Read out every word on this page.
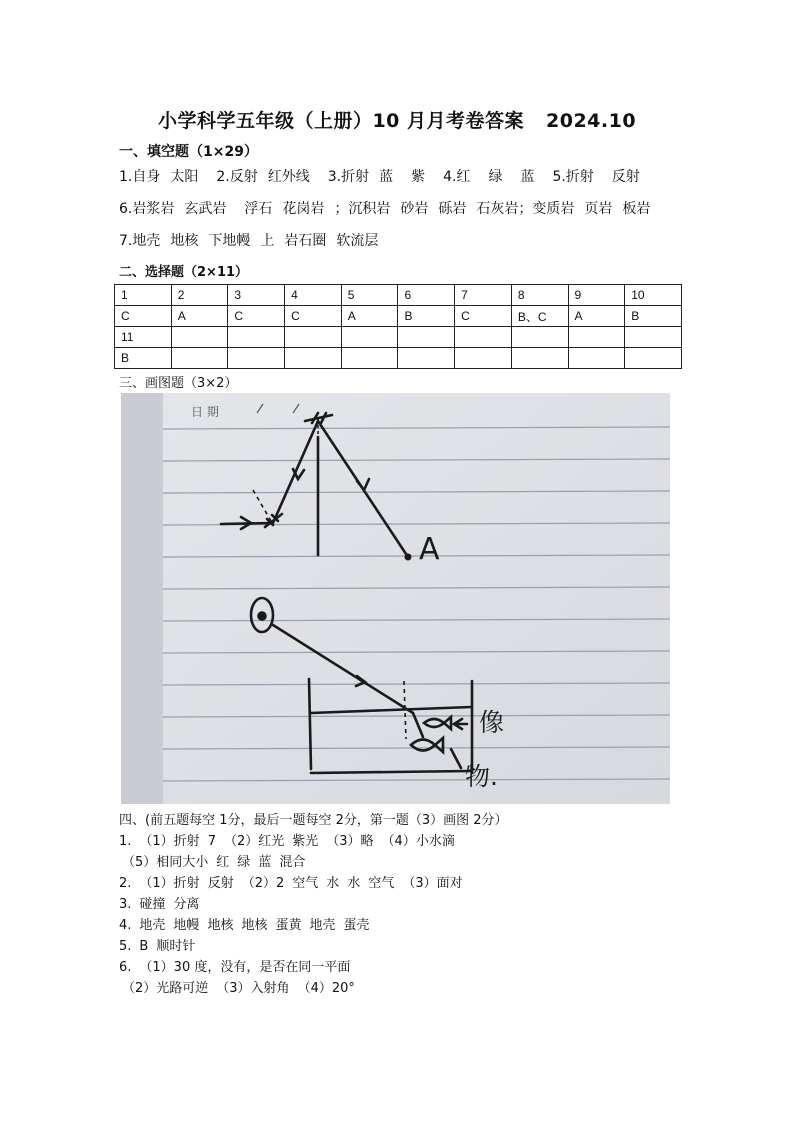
小学科学五年级（上册）10 月月考卷答案 2024.10
一、填空题（1×29）
1.自身 太阳 2.反射 红外线 3.折射 蓝 紫 4.红 绿 蓝 5.折射 反射
6.岩浆岩 玄武岩 浮石 花岗岩 ；沉积岩 砂岩 砾岩 石灰岩；变质岩 页岩 板岩
7.地壳 地核 下地幔 上 岩石圈 软流层
二、选择题（2×11）
1	2	3	4	5	6	7	8	9	10
C	A	C	C	A	B	C	B、C	A	B
11									
B									
三、画图题（3×2）
日 期
A
像
物.
四、(前五题每空 1分，最后一题每空 2分，第一题（3）画图 2分）
1. （1）折射 7 （2）红光 紫光 （3）略 （4）小水滴
（5）相同大小 红 绿 蓝 混合
2. （1）折射 反射 （2）2 空气 水 水 空气 （3）面对
3. 碰撞 分离
4. 地壳 地幔 地核 地核 蛋黄 地壳 蛋壳
5. B 顺时针
6. （1）30 度，没有，是否在同一平面
（2）光路可逆 （3）入射角 （4）20°
